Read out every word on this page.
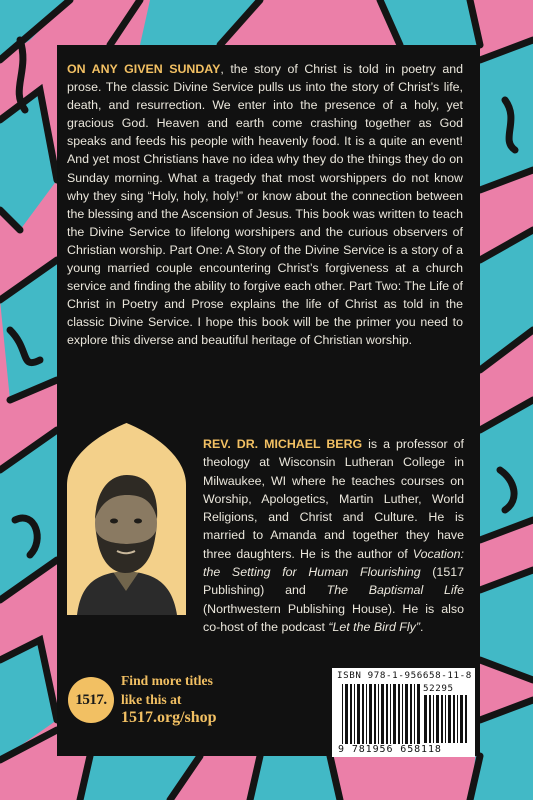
ON ANY GIVEN SUNDAY, the story of Christ is told in poetry and prose. The classic Divine Service pulls us into the story of Christ’s life, death, and resurrection. We enter into the presence of a holy, yet gracious God. Heaven and earth come crashing together as God speaks and feeds his people with heavenly food. It is a quite an event! And yet most Christians have no idea why they do the things they do on Sunday morning. What a tragedy that most worshippers do not know why they sing “Holy, holy, holy!” or know about the connection between the blessing and the Ascension of Jesus. This book was written to teach the Divine Service to lifelong worshipers and the curious observers of Christian worship. Part One: A Story of the Divine Service is a story of a young married couple encountering Christ’s forgiveness at a church service and finding the ability to forgive each other. Part Two: The Life of Christ in Poetry and Prose explains the life of Christ as told in the classic Divine Service. I hope this book will be the primer you need to explore this diverse and beautiful heritage of Christian worship.

REV. DR. MICHAEL BERG is a professor of theology at Wisconsin Lutheran College in Milwaukee, WI where he teaches courses on Worship, Apologetics, Martin Luther, World Religions, and Christ and Culture. He is married to Amanda and together they have three daughters. He is the author of Vocation: the Setting for Human Flourishing (1517 Publishing) and The Baptismal Life (Northwestern Publishing House). He is also co-host of the podcast “Let the Bird Fly”.

1517.
Find more titles
like this at
1517.org/shop
ISBN 978-1-956658-11-8
52295
9 781956 658118
